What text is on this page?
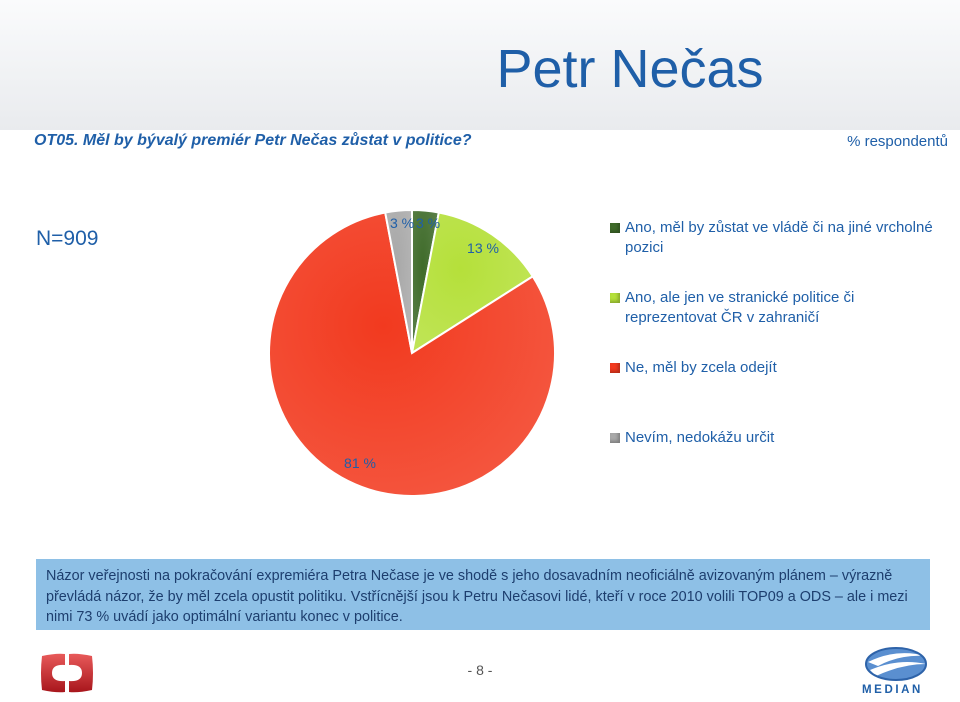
Petr Nečas
OT05. Měl by bývalý premiér Petr Nečas zůstat v politice?	% respondentů
N=909
3 %
13 %
81 %
3 %	Ano, měl by zůstat ve vládě či na jiné vrcholné pozici
Ano, ale jen ve stranické politice či reprezentovat ČR v zahraničí
Ne, měl by zcela odejít
Nevím, nedokážu určit
Názor veřejnosti na pokračování expremiéra Petra Nečase je ve shodě s jeho dosavadním neoficiálně avizovaným plánem – výrazně převládá názor, že by měl zcela opustit politiku. Vstřícnější jsou k Petru Nečasovi lidé, kteří v roce 2010 volili TOP09 a ODS – ale i mezi nimi 73 % uvádí jako optimální variantu konec v politice.
- 8 -
MEDIAN
